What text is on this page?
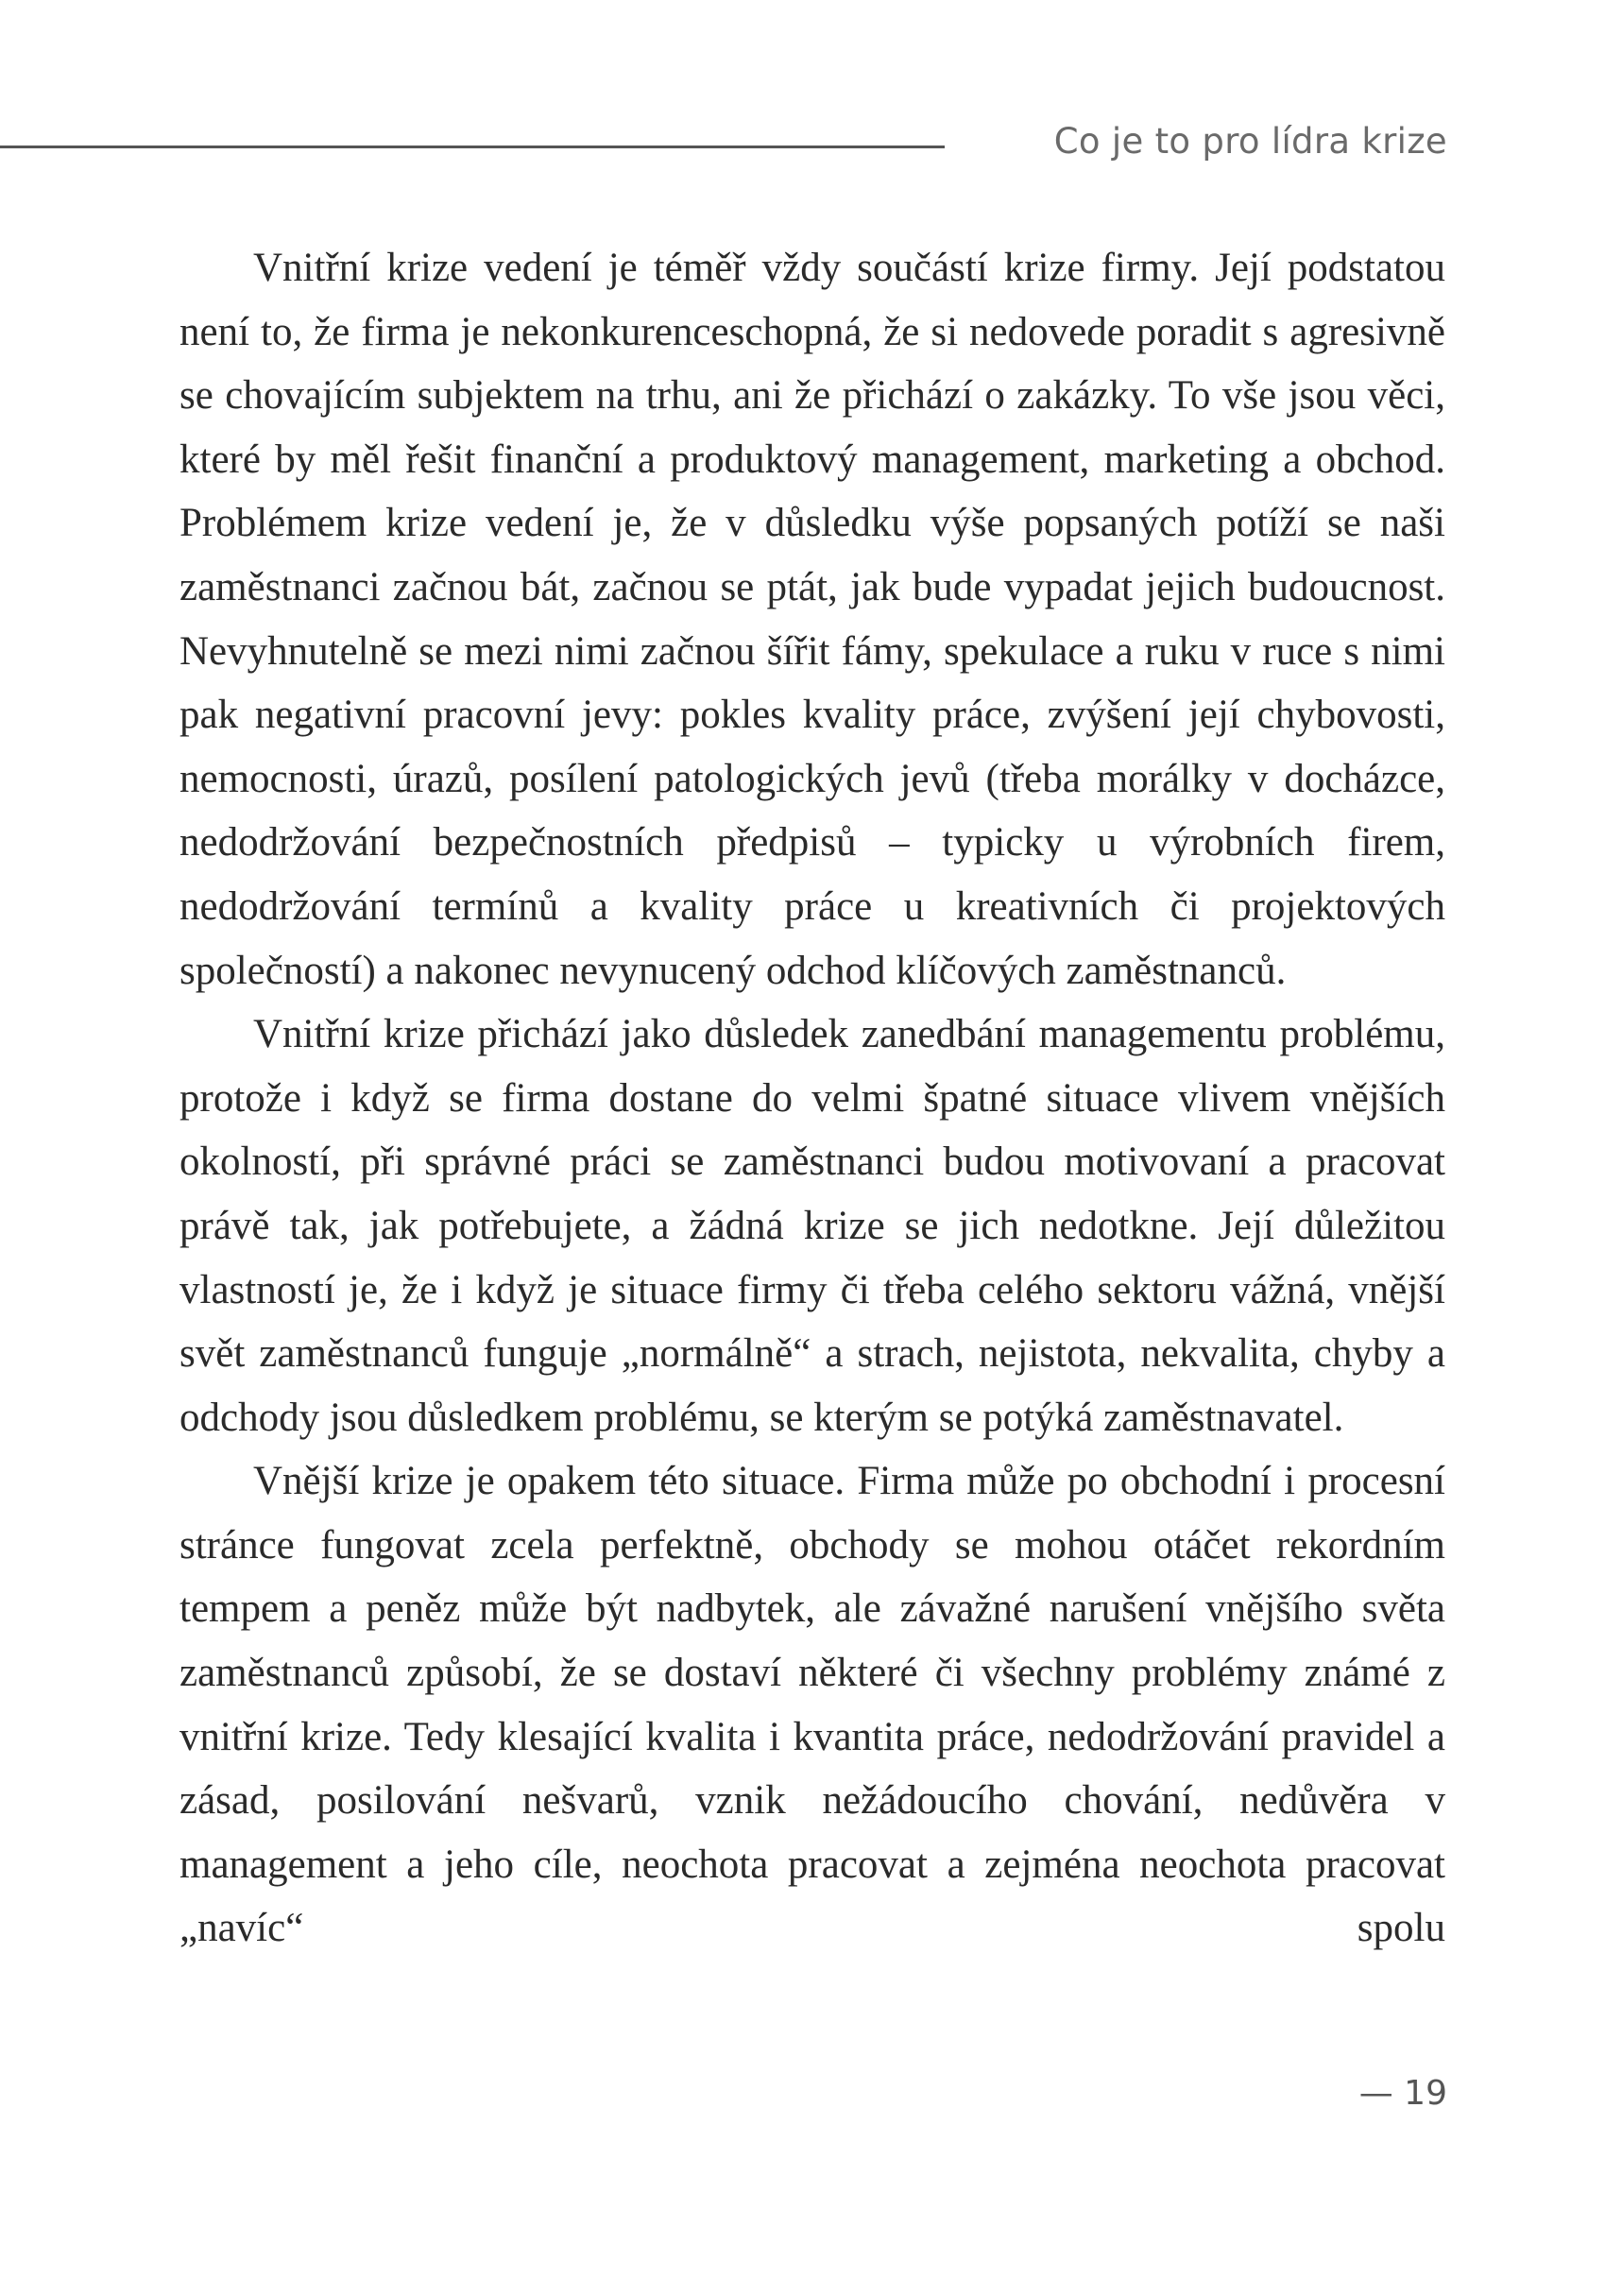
Co je to pro lídra krize

Vnitřní krize vedení je téměř vždy součástí krize firmy. Její podstatou není to, že firma je nekonkurenceschopná, že si nedovede poradit s agresivně se chovajícím subjektem na trhu, ani že přichází o zakázky. To vše jsou věci, které by měl řešit finanční a produktový management, marketing a obchod. Problémem krize vedení je, že v důsledku výše popsaných potíží se naši zaměstnanci začnou bát, začnou se ptát, jak bude vypadat jejich budoucnost. Nevyhnutelně se mezi nimi začnou šířit fámy, spekulace a ruku v ruce s nimi pak negativní pracovní jevy: pokles kvality práce, zvýšení její chybovosti, nemocnosti, úrazů, posílení patologických jevů (třeba morálky v docházce, nedodržování bezpečnostních předpisů – typicky u výrobních firem, nedodržování termínů a kvality práce u kreativních či projektových společností) a nakonec nevynucený odchod klíčových zaměstnanců.

Vnitřní krize přichází jako důsledek zanedbání managementu problému, protože i když se firma dostane do velmi špatné situace vlivem vnějších okolností, při správné práci se zaměstnanci budou motivovaní a pracovat právě tak, jak potřebujete, a žádná krize se jich nedotkne. Její důležitou vlastností je, že i když je situace firmy či třeba celého sektoru vážná, vnější svět zaměstnanců funguje „normálně“ a strach, nejistota, nekvalita, chyby a odchody jsou důsledkem problému, se kterým se potýká zaměstnavatel.

Vnější krize je opakem této situace. Firma může po obchodní i procesní stránce fungovat zcela perfektně, obchody se mohou otáčet rekordním tempem a peněz může být nadbytek, ale závažné narušení vnějšího světa zaměstnanců způsobí, že se dostaví některé či všechny problémy známé z vnitřní krize. Tedy klesající kvalita i kvantita práce, nedodržování pravidel a zásad, posilování nešvarů, vznik nežádoucího chování, nedůvěra v management a jeho cíle, neochota pracovat a zejména neochota pracovat „navíc“ spolu

— 19
